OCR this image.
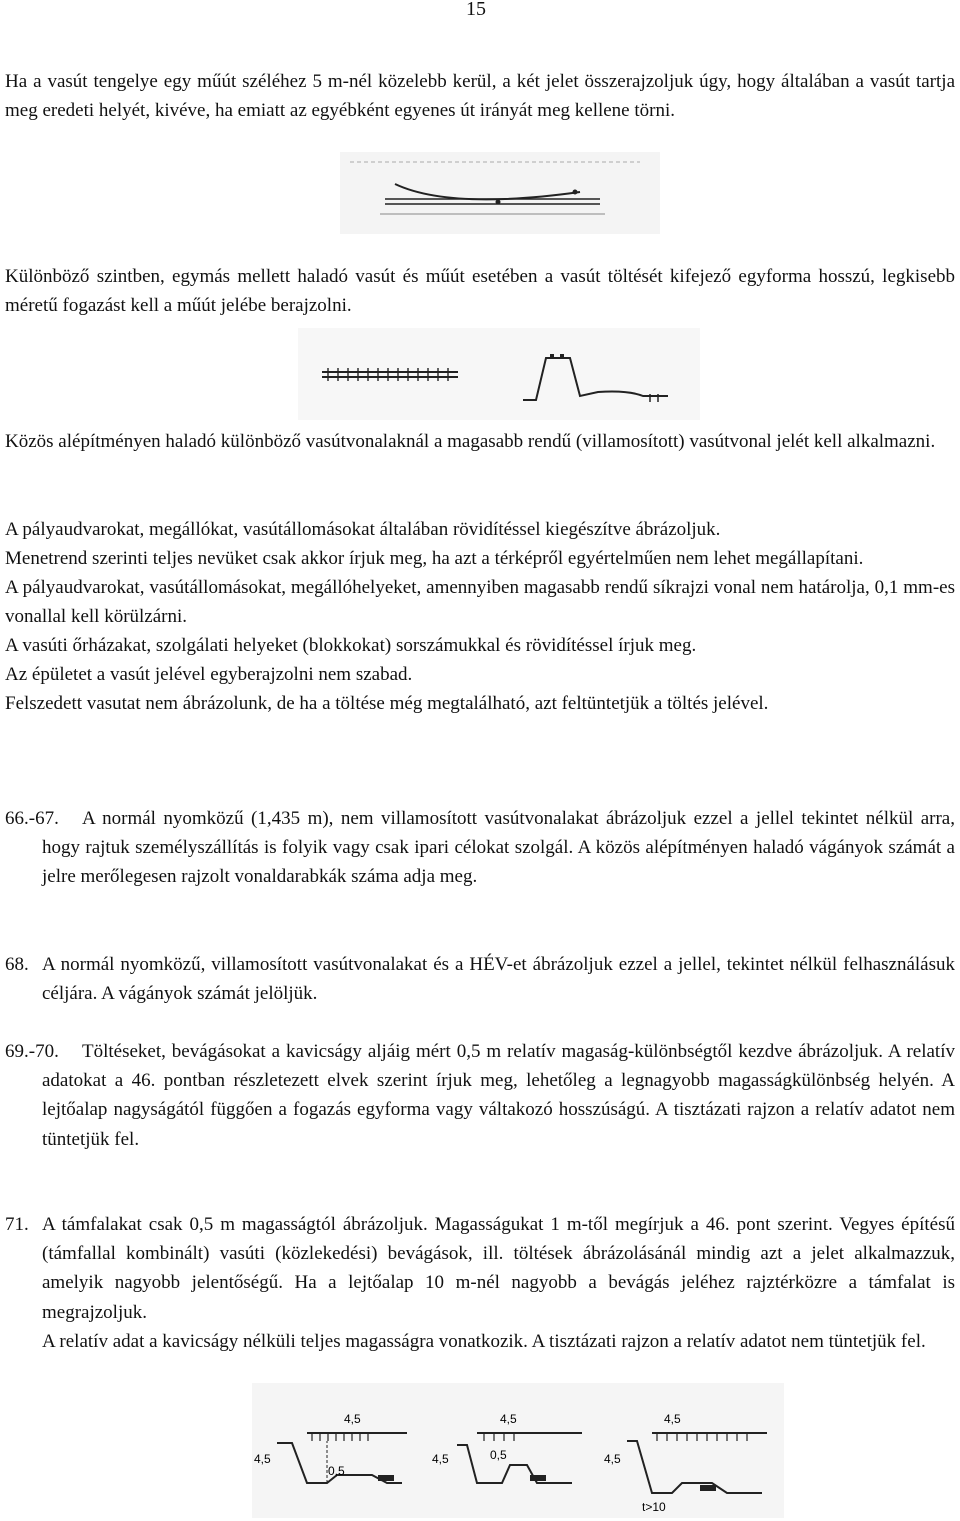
15

Ha a vasút tengelye egy műút széléhez 5 m-nél közelebb kerül, a két jelet összerajzoljuk úgy, hogy általában a vasút tartja meg eredeti helyét, kivéve, ha emiatt az egyébként egyenes út irányát meg kellene törni.

Különböző szintben, egymás mellett haladó vasút és műút esetében a vasút töltését kifejező egyforma hosszú, legkisebb méretű fogazást kell a műút jelébe berajzolni.

Közös alépítményen haladó különböző vasútvonalaknál a magasabb rendű (villamosított) vasútvonal jelét kell alkalmazni.

A pályaudvarokat, megállókat, vasútállomásokat általában rövidítéssel kiegészítve ábrázoljuk.

Menetrend szerinti teljes nevüket csak akkor írjuk meg, ha azt a térképről egyértelműen nem lehet megállapítani.

A pályaudvarokat, vasútállomásokat, megállóhelyeket, amennyiben magasabb rendű síkrajzi vonal nem határolja, 0,1 mm-es vonallal kell körülzárni.

A vasúti őrházakat, szolgálati helyeket (blokkokat) sorszámukkal és rövidítéssel írjuk meg.

Az épületet a vasút jelével egyberajzolni nem szabad.

Felszedett vasutat nem ábrázolunk, de ha a töltése még megtalálható, azt feltüntetjük a töltés jelével.

66.-67.	A normál nyomközű (1,435 m), nem villamosított vasútvonalakat ábrázoljuk ezzel a jellel tekintet nélkül arra, hogy rajtuk személyszállítás is folyik vagy csak ipari célokat szolgál. A közös alépítményen haladó vágányok számát a jelre merőlegesen rajzolt vonaldarabkák száma adja meg.
68. A normál nyomközű, villamosított vasútvonalakat és a HÉV-et ábrázoljuk ezzel a jellel, tekintet nélkül felhasználásuk céljára. A vágányok számát jelöljük.
69.-70.	Töltéseket, bevágásokat a kavicságy aljáig mért 0,5 m relatív magaság-különbségtől kezdve ábrázoljuk. A relatív adatokat a 46. pontban részletezett elvek szerint írjuk meg, lehetőleg a legnagyobb magasságkülönbség helyén. A lejtőalap nagyságától függően a fogazás egyforma vagy váltakozó hosszúságú. A tisztázati rajzon a relatív adatot nem tüntetjük fel.
71. A támfalakat csak 0,5 m magasságtól ábrázoljuk. Magasságukat 1 m-től megírjuk a 46. pont szerint. Vegyes építésű (támfallal kombinált) vasúti (közlekedési) bevágások, ill. töltések ábrázolásánál mindig azt a jelet alkalmazzuk, amelyik nagyobb jelentőségű. Ha a lejtőalap 10 m-nél nagyobb a bevágás jeléhez rajztérközre a támfalat is megrajzoljuk.
A relatív adat a kavicságy nélküli teljes magasságra vonatkozik. A tisztázati rajzon a relatív adatot nem tüntetjük fel.
4,5
4,5
0,5
4,5
4,5	0,5
4,5
4,5
t>10
